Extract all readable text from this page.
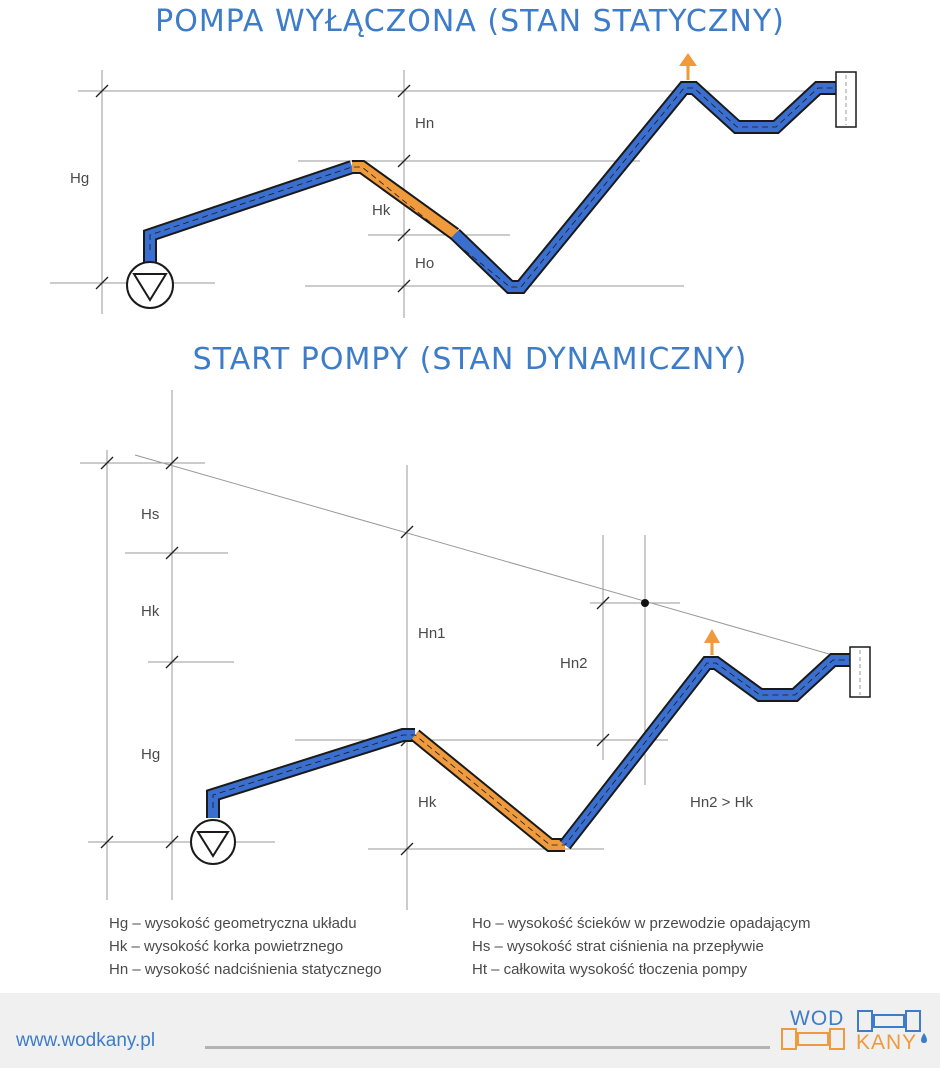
POMPA WYŁĄCZONA (STAN STATYCZNY)
START POMPY (STAN DYNAMICZNY)
Hg
Hn
Hk
Ho
Hs
Hk
Hg
Hn1
Hn2
Hk	Hn2 > Hk
Hg – wysokość geometryczna układu
Hk – wysokość korka powietrznego
Hn – wysokość nadciśnienia statycznego
Ho – wysokość ścieków w przewodzie opadającym
Hs – wysokość strat ciśnienia na przepływie
Ht – całkowita wysokość tłoczenia pompy
www.wodkany.pl
WOD
KANY
